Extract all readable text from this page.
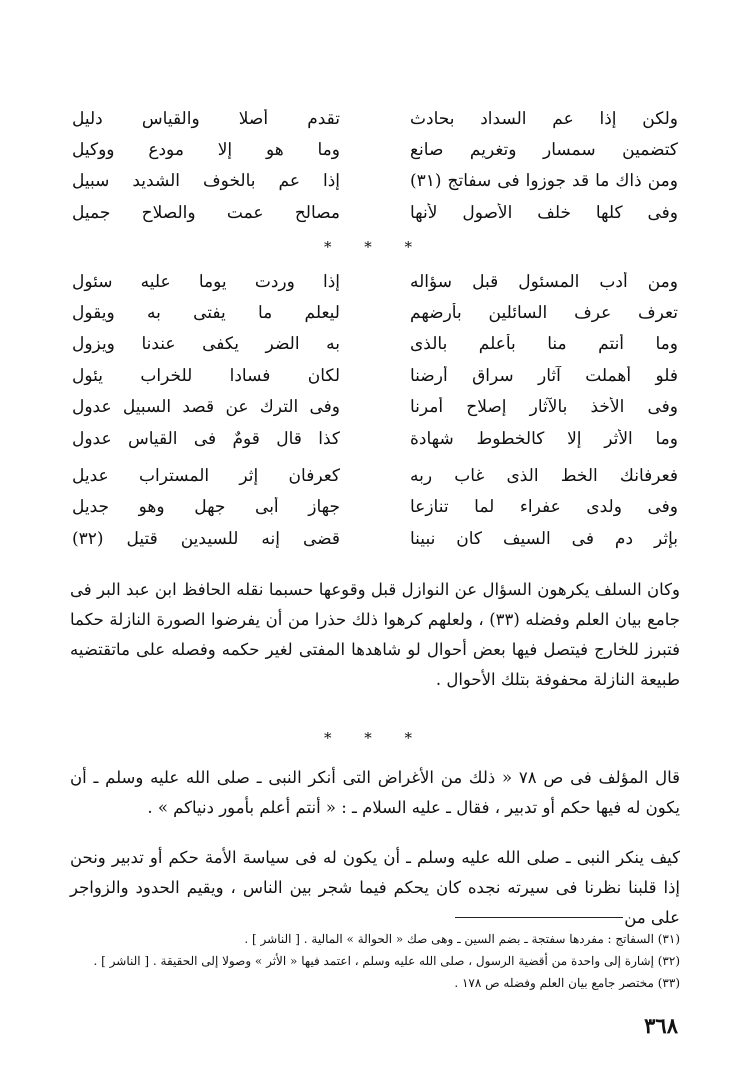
ولكن إذا عم السداد بحادث
تقدم أصلا والقياس دليل
كتضمين سمسار وتغريم صانع
وما هو إلا مودع ووكيل
ومن ذاك ما قد جوزوا فى سفاتج (٣١)
إذا عم بالخوف الشديد سبيل
وفى كلها خلف الأصول لأنها
مصالح عمت والصلاح جميل
* * *
ومن أدب المسئول قبل سؤاله
إذا وردت يوما عليه سئول
تعرف عرف السائلين بأرضهم
ليعلم ما يفتى به ويقول
وما أنتم منا بأعلم بالذى
به الضر يكفى عندنا ويزول
فلو أهملت آثار سراق أرضنا
لكان فسادا للخراب يئول
وفى الأخذ بالآثار إصلاح أمرنا
وفى الترك عن قصد السبيل عدول
وما الأثر إلا كالخطوط شهادة
كذا قال قومٌ فى القياس عدول
فعرفانك الخط الذى غاب ربه
كعرفان إثر المستراب عديل
وفى ولدى عفراء لما تنازعا
جهاز أبى جهل وهو جديل
بإثر دم فى السيف كان نبينا
قضى إنه للسيدين قتيل (٣٢)

وكان السلف يكرهون السؤال عن النوازل قبل وقوعها حسبما نقله الحافظ ابن عبد البر فى جامع بيان العلم وفضله (٣٣) ، ولعلهم كرهوا ذلك حذرا من أن يفرضوا الصورة النازلة حكما فتبرز للخارج فيتصل فيها بعض أحوال لو شاهدها المفتى لغير حكمه وفصله على ماتقتضيه طبيعة النازلة محفوفة بتلك الأحوال .

* * *

قال المؤلف فى ص ٧٨ « ذلك من الأغراض التى أنكر النبى ـ صلى الله عليه وسلم ـ أن يكون له فيها حكم أو تدبير ، فقال ـ عليه السلام ـ : « أنتم أعلم بأمور دنياكم » .

كيف ينكر النبى ـ صلى الله عليه وسلم ـ أن يكون له فى سياسة الأمة حكم أو تدبير ونحن إذا قلبنا نظرنا فى سيرته نجده كان يحكم فيما شجر بين الناس ، ويقيم الحدود والزواجر على من

(٣١) السفاتج : مفردها سفتجة ـ بضم السين ـ وهى صك « الحوالة » المالية . [ الناشر ] .
(٣٢) إشارة إلى واحدة من أقضية الرسول ، صلى الله عليه وسلم ، اعتمد فيها « الأثر » وصولا إلى الحقيقة . [ الناشر ] .
(٣٣) مختصر جامع بيان العلم وفضله ص ١٧٨ .
٣٦٨
